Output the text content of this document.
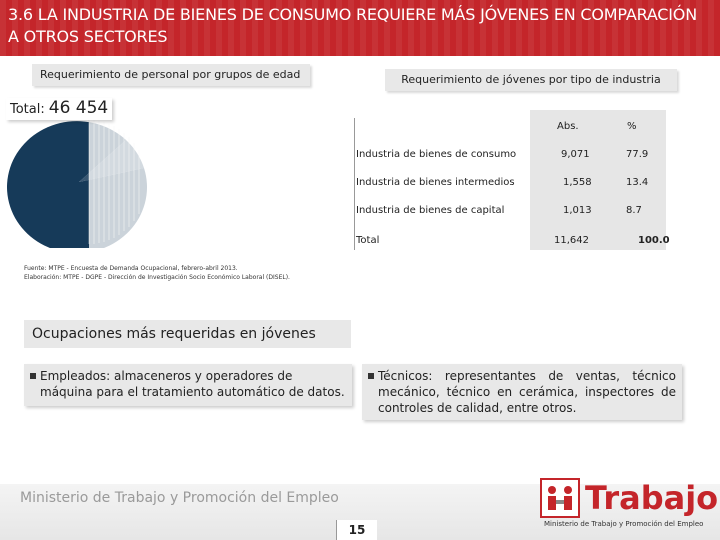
3.6 LA INDUSTRIA DE BIENES DE CONSUMO REQUIERE MÁS JÓVENES EN COMPARACIÓN A OTROS SECTORES
Requerimiento de personal por grupos de edad	Requerimiento de jóvenes por tipo de industria
Total: 46 454
Abs.	%
Industria de bienes de consumo	9,071	77.9
Industria de bienes intermedios	1,558	13.4
Industria de bienes de capital	1,013	8.7
Total	11,642	100.0
Fuente: MTPE - Encuesta de Demanda Ocupacional, febrero-abril 2013.
Elaboración: MTPE - DGPE - Dirección de Investigación Socio Económico Laboral (DISEL).
Ocupaciones más requeridas en jóvenes
Empleados: almaceneros y operadores de máquina para el tratamiento automático de datos.
Técnicos: representantes de ventas, técnico mecánico, técnico en cerámica, inspectores de controles de calidad, entre otros.
Ministerio de Trabajo y Promoción del Empleo
15
Trabajo
Ministerio de Trabajo y Promoción del Empleo
